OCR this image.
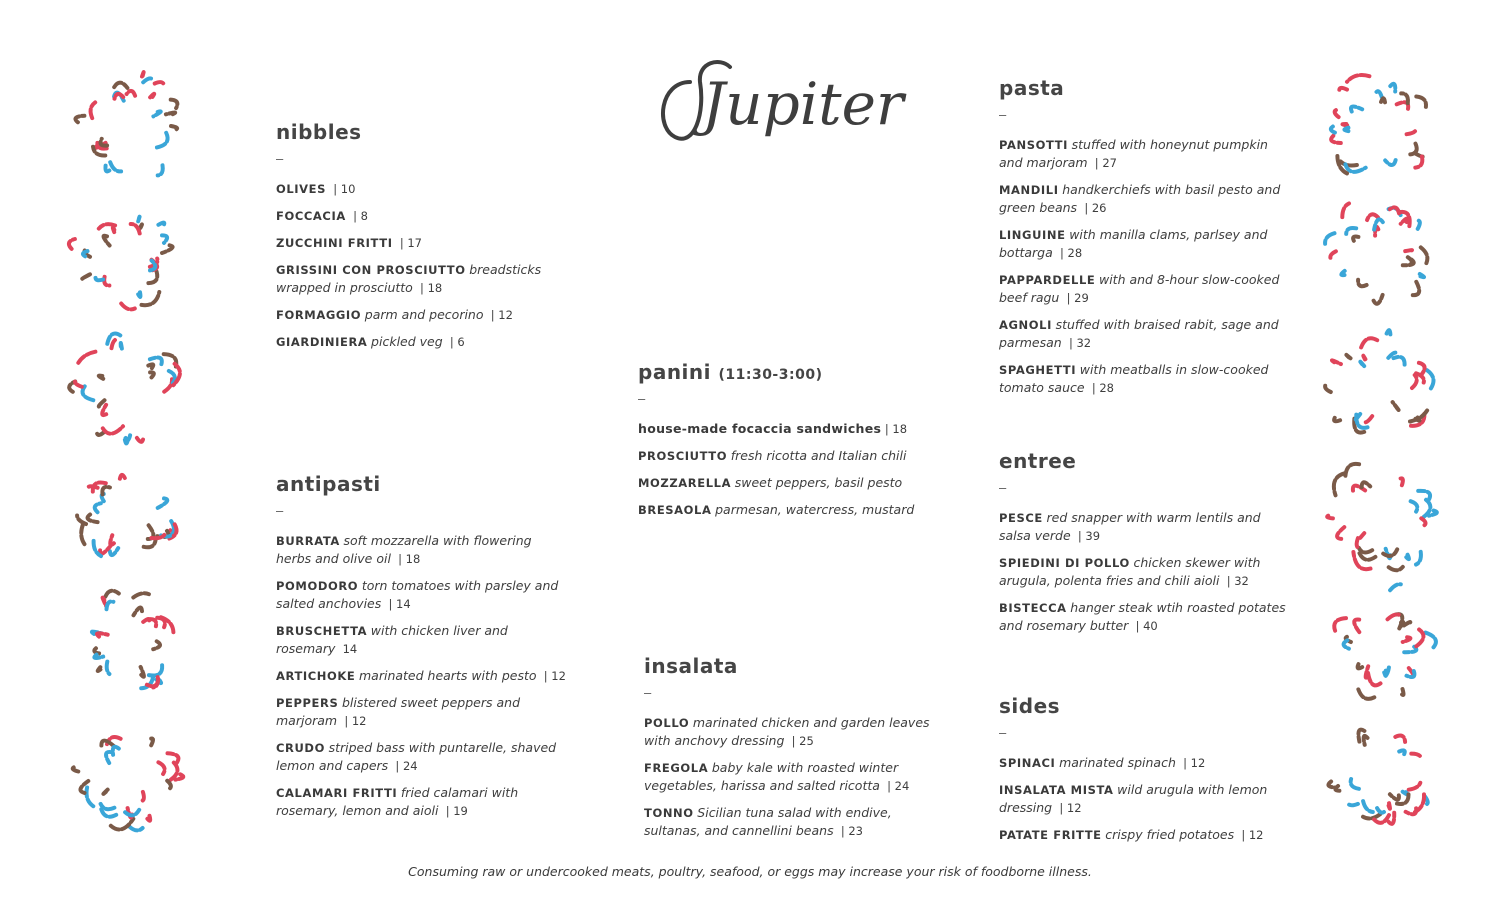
Jupiter
nibbles
–
OLIVES | 10
FOCCACIA | 8
ZUCCHINI FRITTI | 17
GRISSINI CON PROSCIUTTO breadsticks wrapped in prosciutto | 18
FORMAGGIO parm and pecorino | 12
GIARDINIERA pickled veg | 6
antipasti
–
BURRATA soft mozzarella with flowering herbs and olive oil | 18
POMODORO torn tomatoes with parsley and salted anchovies | 14
BRUSCHETTA with chicken liver and rosemary 14
ARTICHOKE marinated hearts with pesto | 12
PEPPERS blistered sweet peppers and marjoram | 12
CRUDO striped bass with puntarelle, shaved lemon and capers | 24
CALAMARI FRITTI fried calamari with rosemary, lemon and aioli | 19
panini (11:30-3:00)
–
house-made focaccia sandwiches | 18
PROSCIUTTO fresh ricotta and Italian chili
MOZZARELLA sweet peppers, basil pesto
BRESAOLA parmesan, watercress, mustard
insalata
–
POLLO marinated chicken and garden leaves with anchovy dressing | 25
FREGOLA baby kale with roasted winter vegetables, harissa and salted ricotta | 24
TONNO Sicilian tuna salad with endive, sultanas, and cannellini beans | 23
pasta
–
PANSOTTI stuffed with honeynut pumpkin and marjoram | 27
MANDILI handkerchiefs with basil pesto and green beans | 26
LINGUINE with manilla clams, parlsey and bottarga | 28
PAPPARDELLE with and 8-hour slow-cooked beef ragu | 29
AGNOLI stuffed with braised rabit, sage and parmesan | 32
SPAGHETTI with meatballs in slow-cooked tomato sauce | 28
entree
–
PESCE red snapper with warm lentils and salsa verde | 39
SPIEDINI DI POLLO chicken skewer with arugula, polenta fries and chili aioli | 32
BISTECCA hanger steak wtih roasted potates and rosemary butter | 40
sides
–
SPINACI marinated spinach | 12
INSALATA MISTA wild arugula with lemon dressing | 12
PATATE FRITTE crispy fried potatoes | 12
Consuming raw or undercooked meats, poultry, seafood, or eggs may increase your risk of foodborne illness.
